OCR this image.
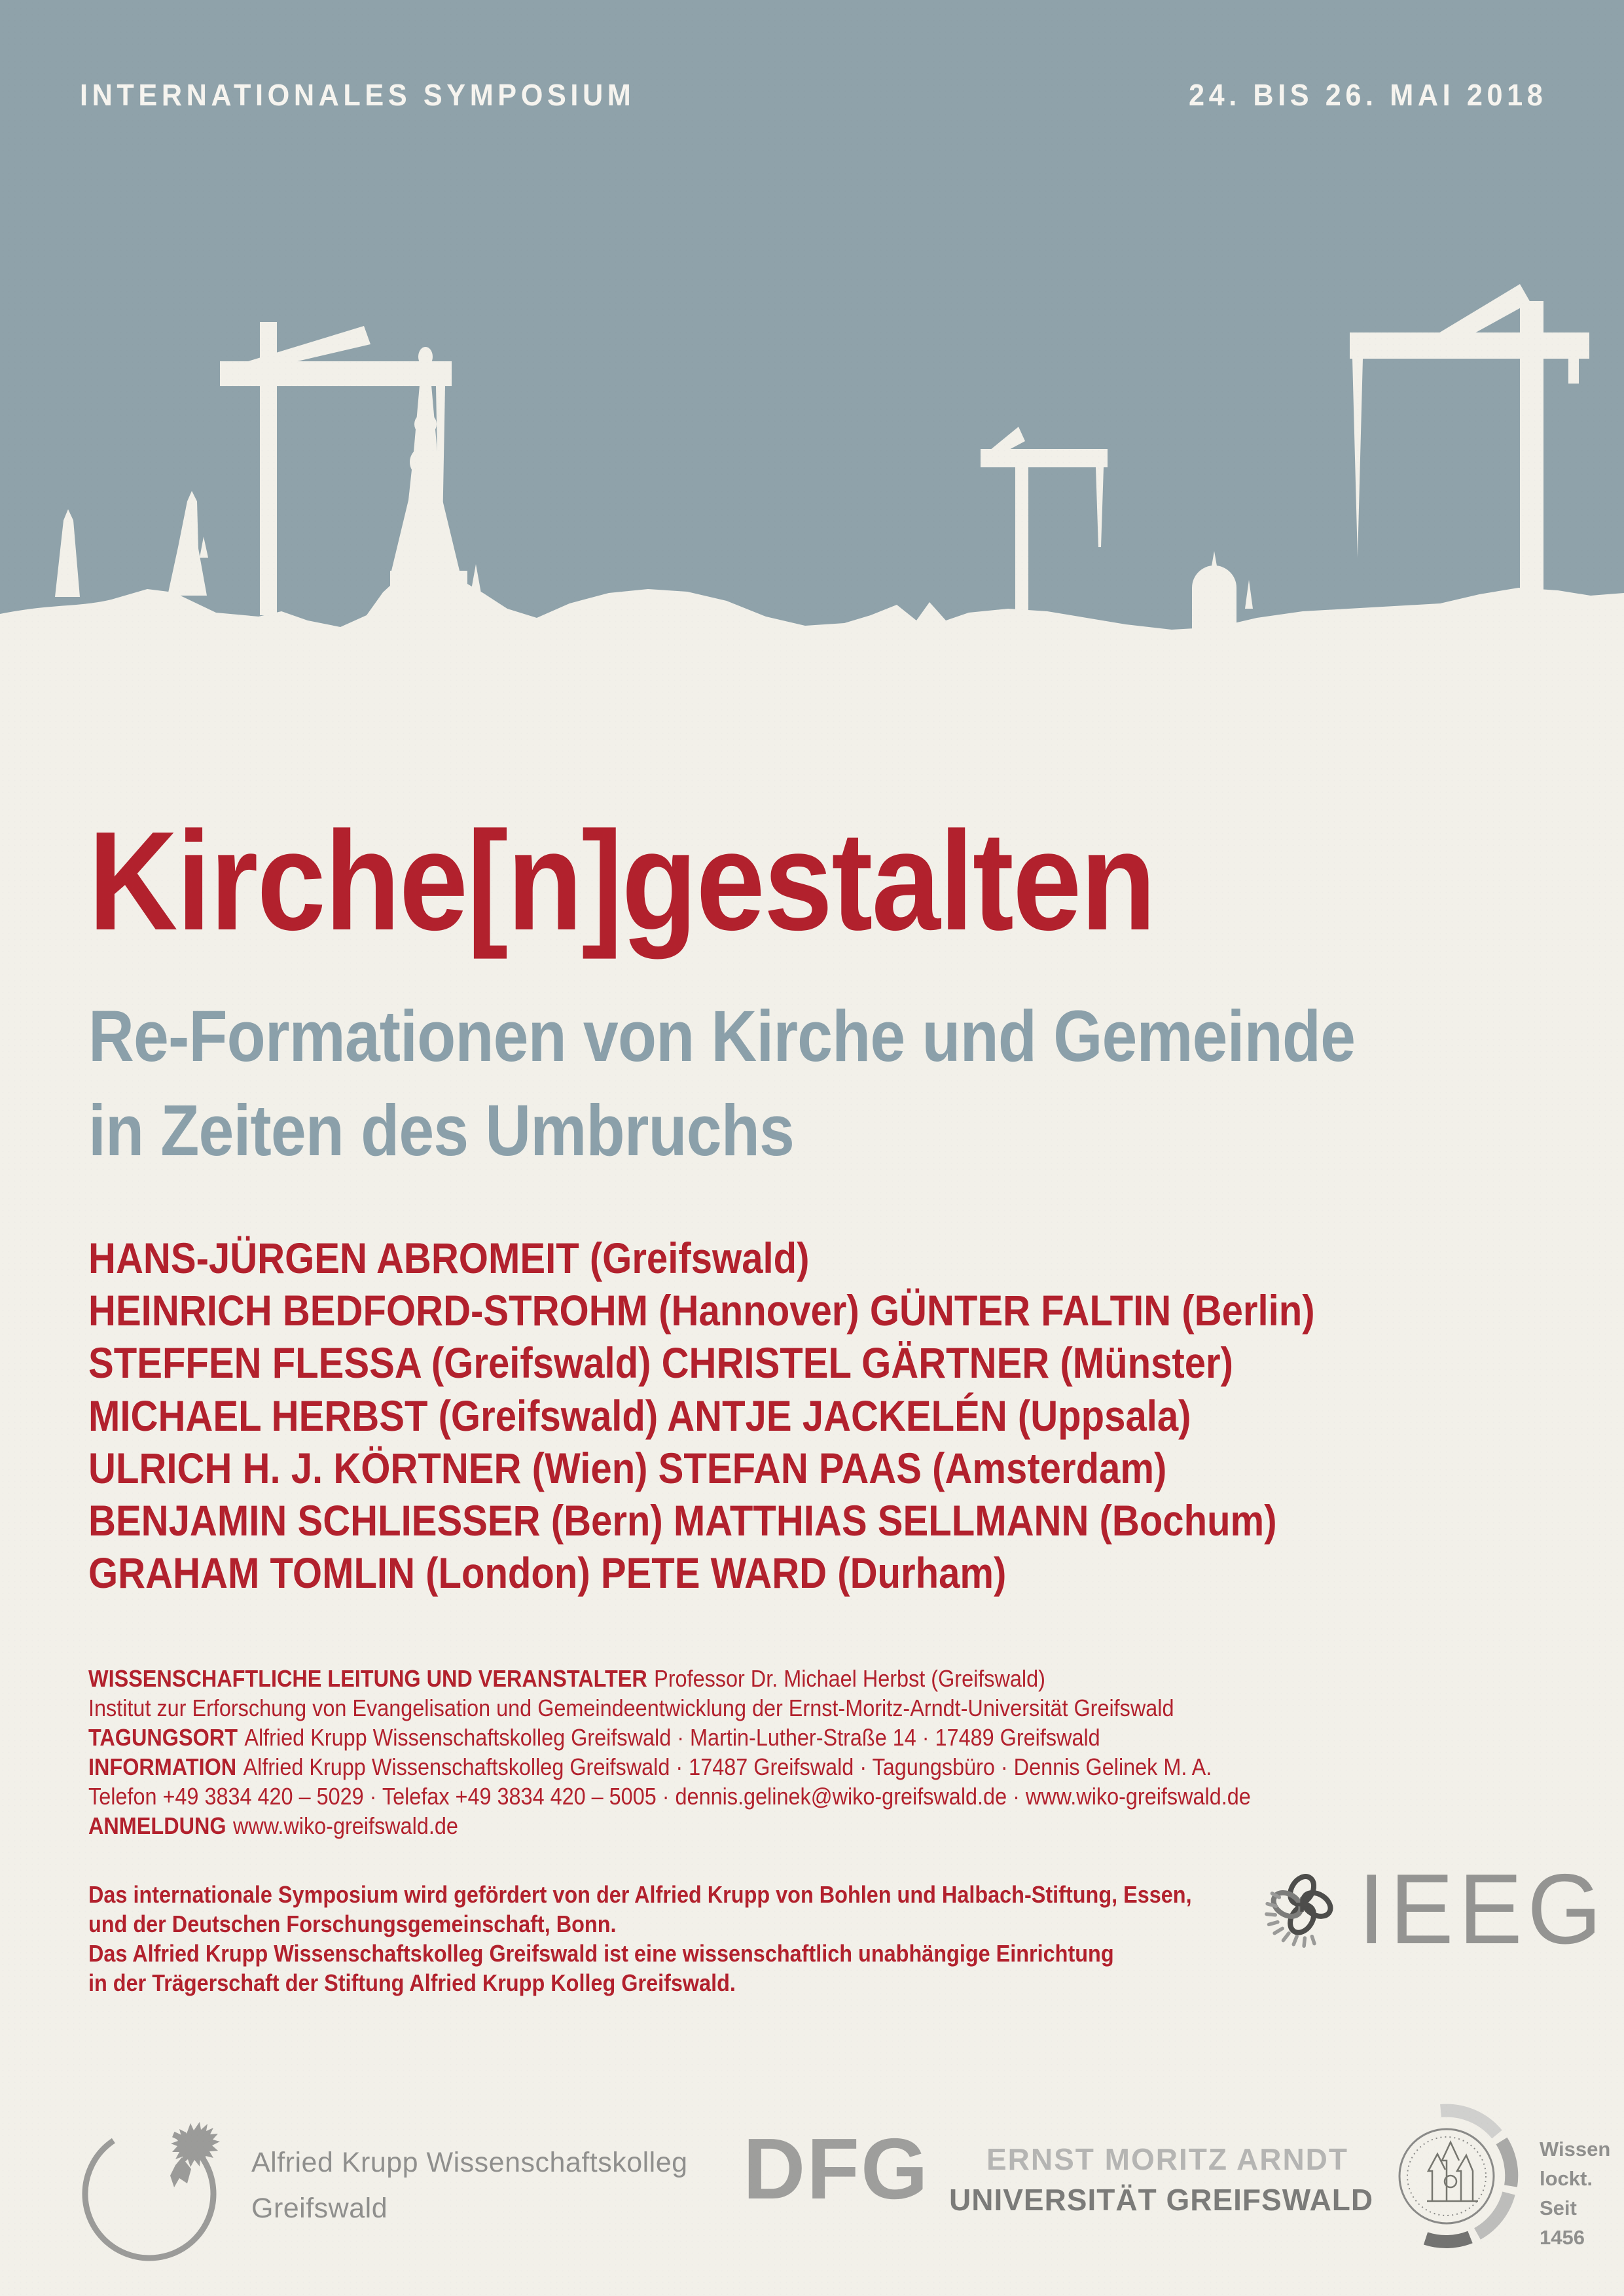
INTERNATIONALES SYMPOSIUM	24. BIS 26. MAI 2018
Kirche[n]gestalten
Re-Formationen von Kirche und Gemeinde
in Zeiten des Umbruchs
HANS-JÜRGEN ABROMEIT (Greifswald)
HEINRICH BEDFORD-STROHM (Hannover) GÜNTER FALTIN (Berlin)
STEFFEN FLESSA (Greifswald) CHRISTEL GÄRTNER (Münster)
MICHAEL HERBST (Greifswald) ANTJE JACKELÉN (Uppsala)
ULRICH H. J. KÖRTNER (Wien) STEFAN PAAS (Amsterdam)
BENJAMIN SCHLIESSER (Bern) MATTHIAS SELLMANN (Bochum)
GRAHAM TOMLIN (London) PETE WARD (Durham)
WISSENSCHAFTLICHE LEITUNG UND VERANSTALTER Professor Dr. Michael Herbst (Greifswald)
Institut zur Erforschung von Evangelisation und Gemeindeentwicklung der Ernst-Moritz-Arndt-Universität Greifswald
TAGUNGSORT Alfried Krupp Wissenschaftskolleg Greifswald · Martin-Luther-Straße 14 · 17489 Greifswald
INFORMATION Alfried Krupp Wissenschaftskolleg Greifswald · 17487 Greifswald · Tagungsbüro · Dennis Gelinek M. A.
Telefon +49 3834 420 – 5029 · Telefax +49 3834 420 – 5005 · dennis.gelinek@wiko-greifswald.de · www.wiko-greifswald.de
ANMELDUNG www.wiko-greifswald.de
Das internationale Symposium wird gefördert von der Alfried Krupp von Bohlen und Halbach-Stiftung, Essen,
und der Deutschen Forschungsgemeinschaft, Bonn.
Das Alfried Krupp Wissenschaftskolleg Greifswald ist eine wissenschaftlich unabhängige Einrichtung
in der Trägerschaft der Stiftung Alfried Krupp Kolleg Greifswald.
IEEG
Alfried Krupp Wissenschaftskolleg
Greifswald	DFG	ERNST MORITZ ARNDT
UNIVERSITÄT GREIFSWALD
Wissen
lockt.
Seit 1456
